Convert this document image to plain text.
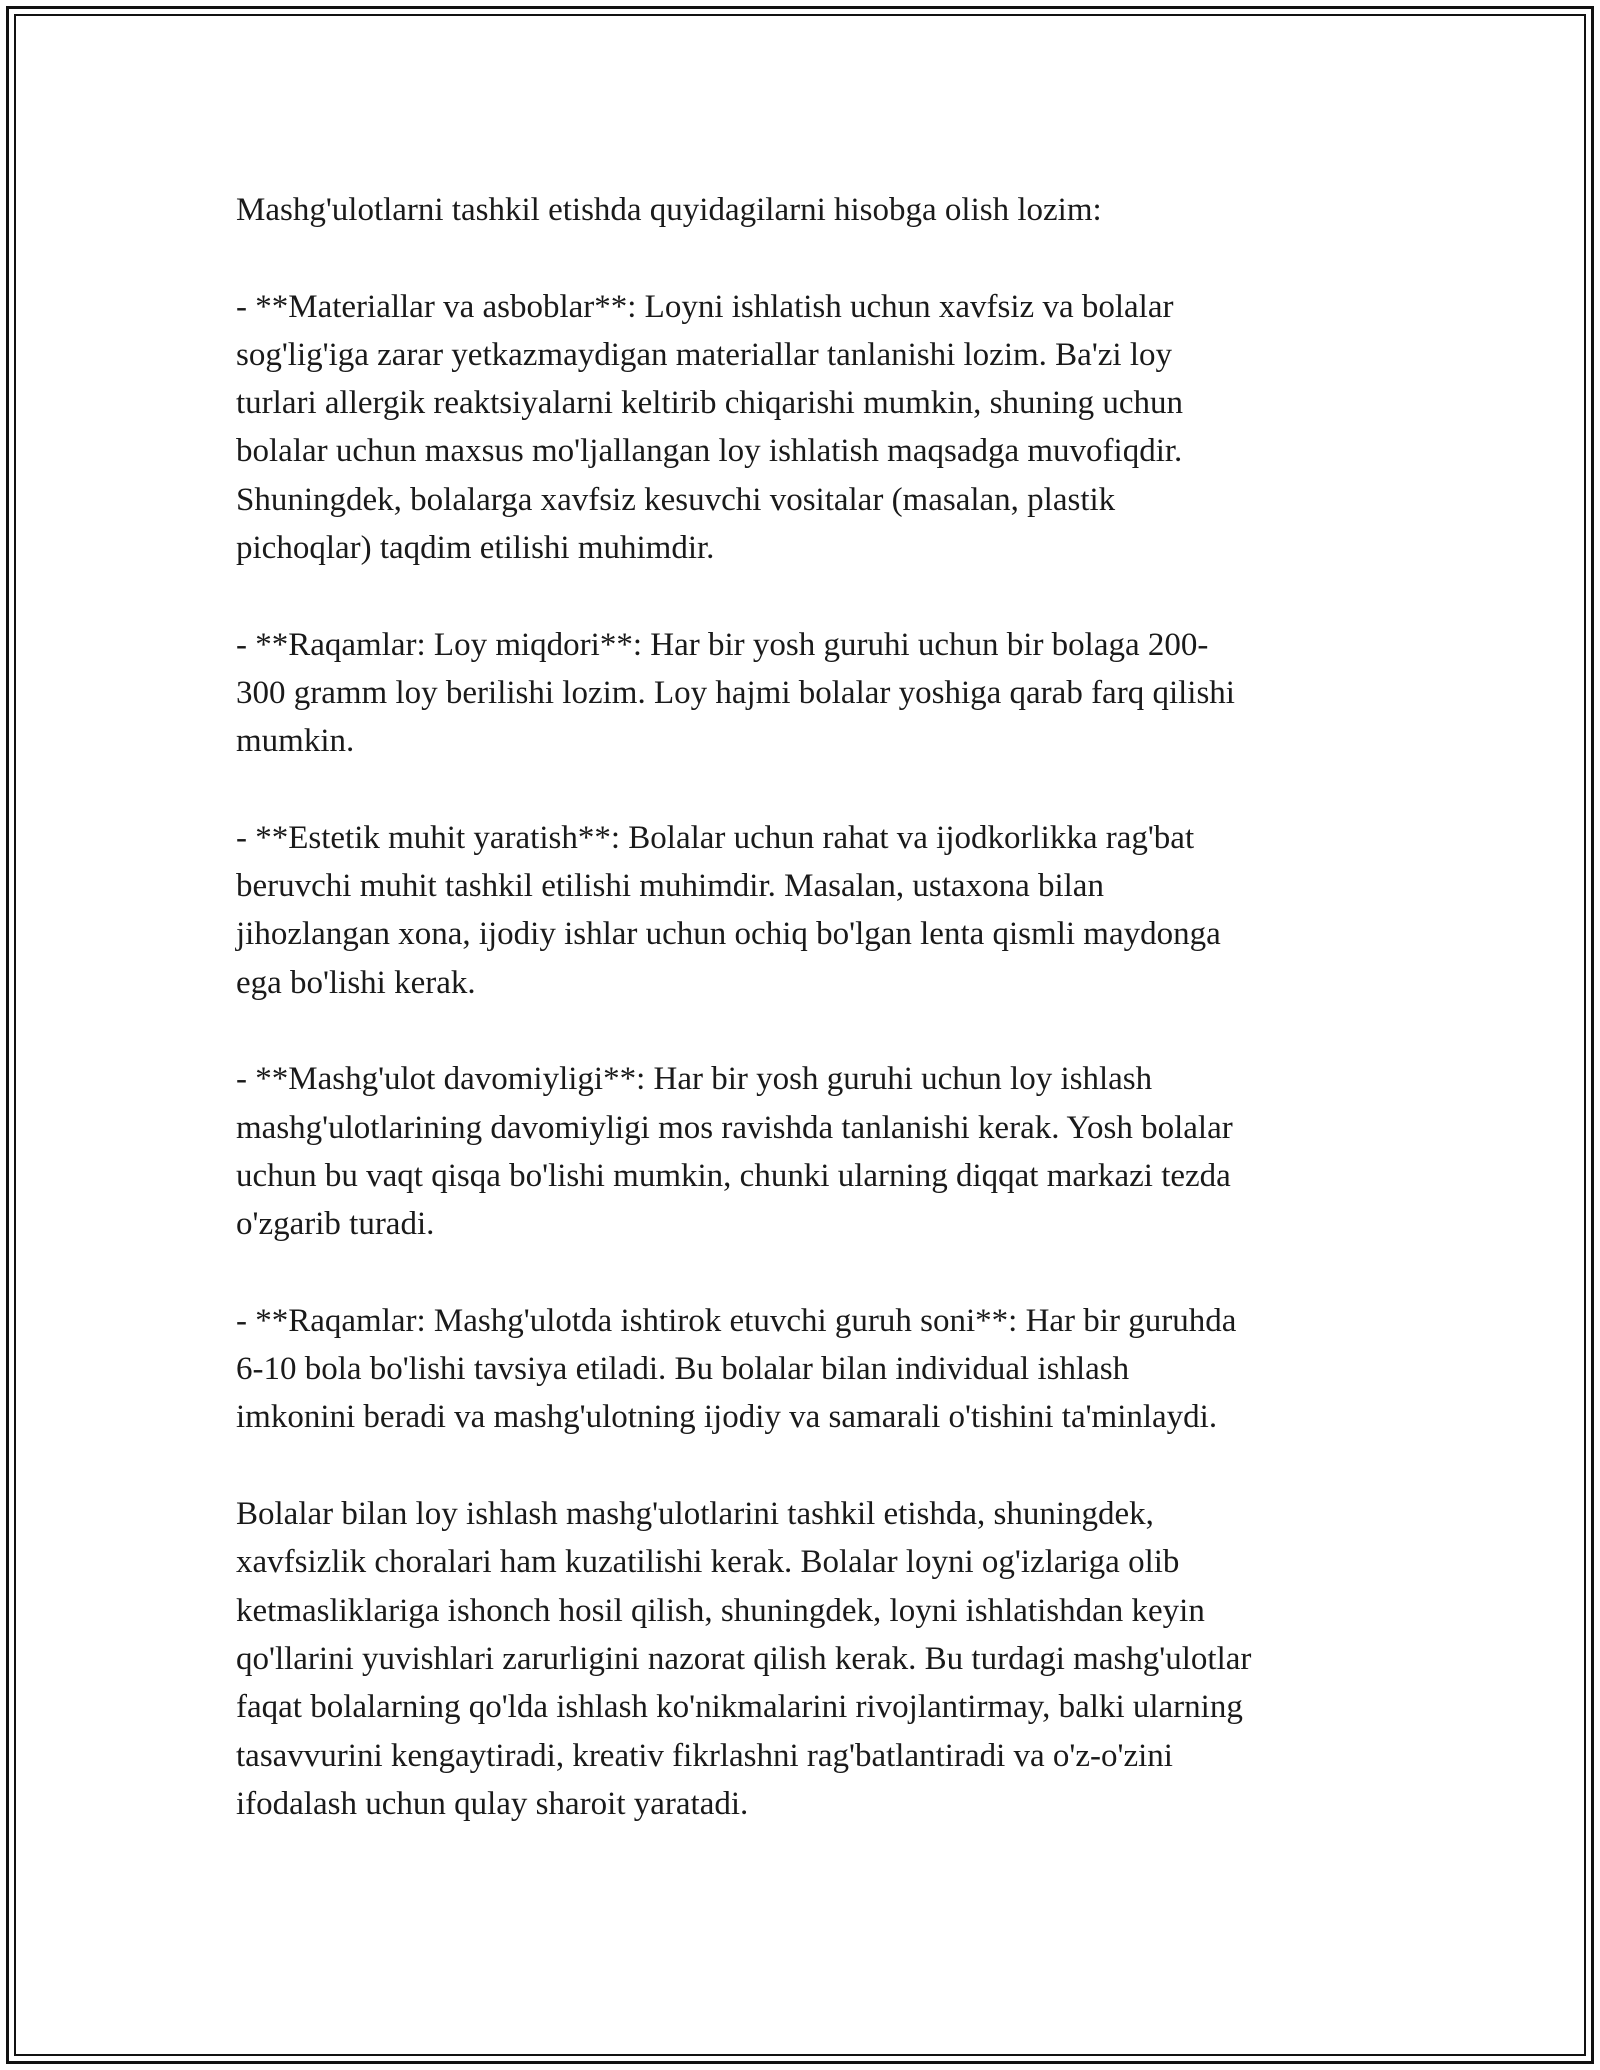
Mashg'ulotlarni tashkil etishda quyidagilarni hisobga olish lozim:

- **Materiallar va asboblar**: Loyni ishlatish uchun xavfsiz va bolalar
sog'lig'iga zarar yetkazmaydigan materiallar tanlanishi lozim. Ba'zi loy
turlari allergik reaktsiyalarni keltirib chiqarishi mumkin, shuning uchun
bolalar uchun maxsus mo'ljallangan loy ishlatish maqsadga muvofiqdir.
Shuningdek, bolalarga xavfsiz kesuvchi vositalar (masalan, plastik
pichoqlar) taqdim etilishi muhimdir.

- **Raqamlar: Loy miqdori**: Har bir yosh guruhi uchun bir bolaga 200-
300 gramm loy berilishi lozim. Loy hajmi bolalar yoshiga qarab farq qilishi
mumkin.

- **Estetik muhit yaratish**: Bolalar uchun rahat va ijodkorlikka rag'bat
beruvchi muhit tashkil etilishi muhimdir. Masalan, ustaxona bilan
jihozlangan xona, ijodiy ishlar uchun ochiq bo'lgan lenta qismli maydonga
ega bo'lishi kerak.

- **Mashg'ulot davomiyligi**: Har bir yosh guruhi uchun loy ishlash
mashg'ulotlarining davomiyligi mos ravishda tanlanishi kerak. Yosh bolalar
uchun bu vaqt qisqa bo'lishi mumkin, chunki ularning diqqat markazi tezda
o'zgarib turadi.

- **Raqamlar: Mashg'ulotda ishtirok etuvchi guruh soni**: Har bir guruhda
6-10 bola bo'lishi tavsiya etiladi. Bu bolalar bilan individual ishlash
imkonini beradi va mashg'ulotning ijodiy va samarali o'tishini ta'minlaydi.

Bolalar bilan loy ishlash mashg'ulotlarini tashkil etishda, shuningdek,
xavfsizlik choralari ham kuzatilishi kerak. Bolalar loyni og'izlariga olib
ketmasliklariga ishonch hosil qilish, shuningdek, loyni ishlatishdan keyin
qo'llarini yuvishlari zarurligini nazorat qilish kerak. Bu turdagi mashg'ulotlar
faqat bolalarning qo'lda ishlash ko'nikmalarini rivojlantirmay, balki ularning
tasavvurini kengaytiradi, kreativ fikrlashni rag'batlantiradi va o'z-o'zini
ifodalash uchun qulay sharoit yaratadi.
